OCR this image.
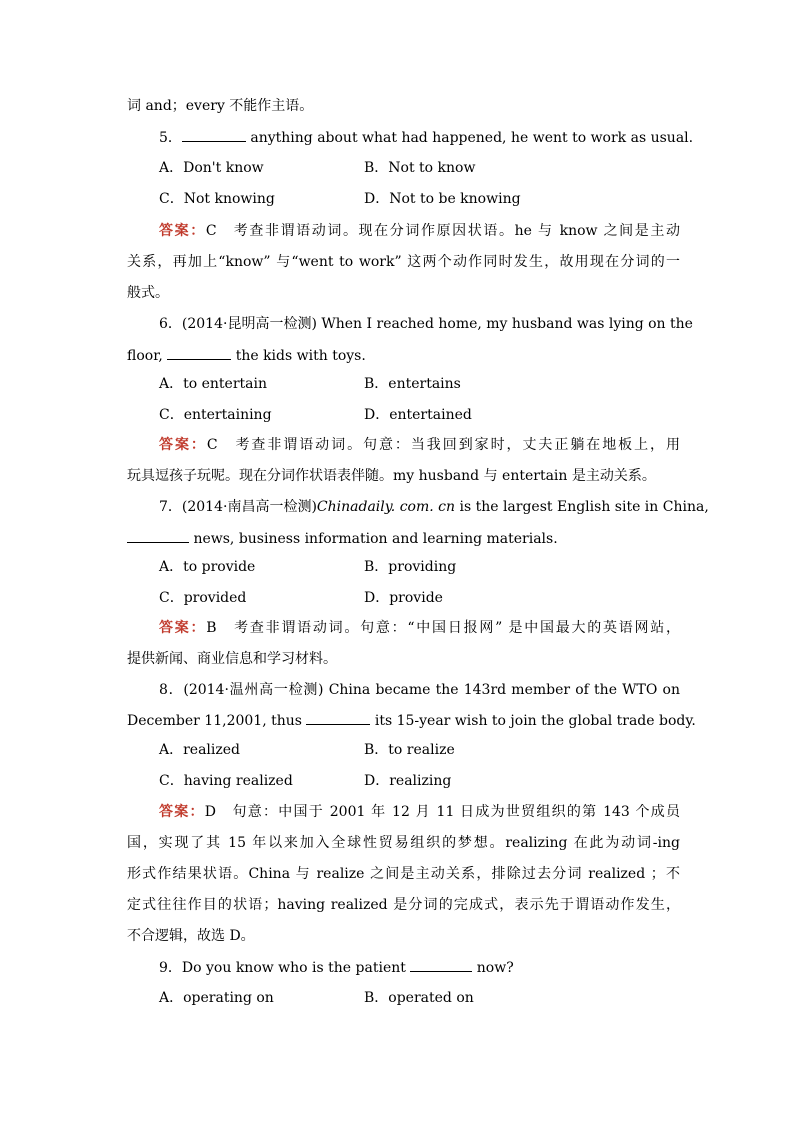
词 and；every 不能作主语。
5．	anything about what had happened, he went to work as usual.
A．Don't know	B．Not to know
C．Not knowing	D．Not to be knowing
答案：C　考查非谓语动词。现在分词作原因状语。he 与 know 之间是主动
关系，再加上“know” 与“went to work” 这两个动作同时发生，故用现在分词的一
般式。
6．(2014·昆明高一检测) When I reached home, my husband was lying on the
floor,	the kids with toys.
A．to entertain	B．entertains
C．entertaining	D．entertained
答案：C　考查非谓语动词。句意：当我回到家时，丈夫正躺在地板上，用
玩具逗孩子玩呢。现在分词作状语表伴随。my husband 与 entertain 是主动关系。
7．(2014·南昌高一检测)Chinadaily. com. cn is the largest English site in China,
news, business information and learning materials.
A．to provide	B．providing
C．provided	D．provide
答案：B　考查非谓语动词。句意：“中国日报网” 是中国最大的英语网站，
提供新闻、商业信息和学习材料。
8．(2014·温州高一检测) China became the 143rd member of the WTO on
December 11,2001, thus	its 15-year wish to join the global trade body.
A．realized	B．to realize
C．having realized	D．realizing
答案：D　句意：中国于 2001 年 12 月 11 日成为世贸组织的第 143 个成员
国，实现了其 15 年以来加入全球性贸易组织的梦想。realizing 在此为动词-ing
形式作结果状语。China 与 realize 之间是主动关系，排除过去分词 realized ；不
定式往往作目的状语；having realized 是分词的完成式，表示先于谓语动作发生，
不合逻辑，故选 D。
9．Do you know who is the patient	now?
A．operating on	B．operated on
